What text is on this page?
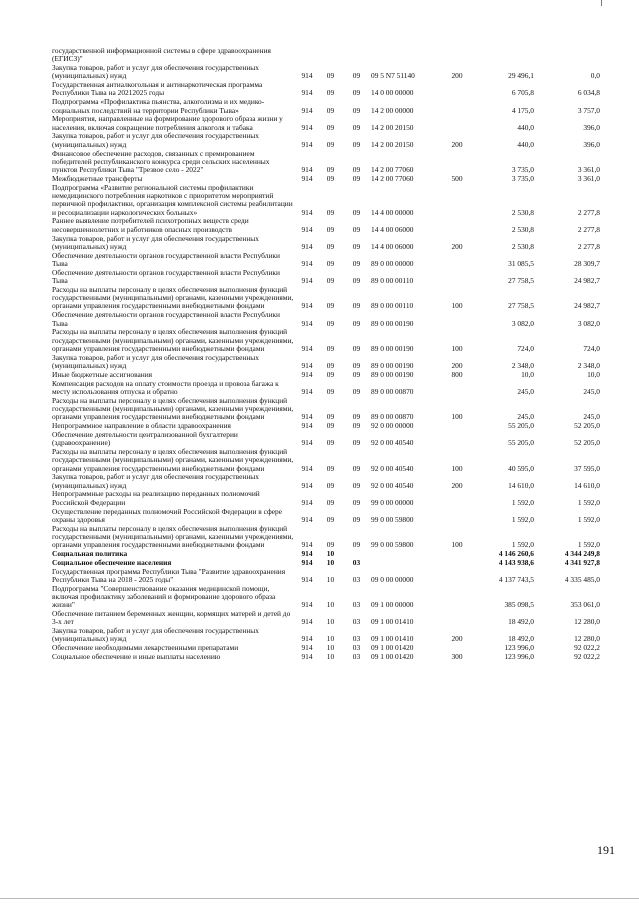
государственной информационной системы в сфере здравоохранения (ЕГИСЗ)"							
Закупка товаров, работ и услуг для обеспечения государственных (муниципальных) нужд	914	09	09	09 5 N7 51140	200	29 496,1	0,0
Государственная антиалкогольная и антинаркотическая программа Республики Тыва на 20212025 годы	914	09	09	14 0 00 00000		6 705,8	6 034,8
Подпрограмма «Профилактика пьянства, алкоголизма и их медико-социальных последствий на территории Республики Тыва»	914	09	09	14 2 00 00000		4 175,0	3 757,0
Мероприятия, направленные на формирование здорового образа жизни у населения, включая сокращение потребления алкоголя и табака	914	09	09	14 2 00 20150		440,0	396,0
Закупка товаров, работ и услуг для обеспечения государственных (муниципальных) нужд	914	09	09	14 2 00 20150	200	440,0	396,0
Финансовое обеспечение расходов, связанных с премированием победителей республиканского конкурса среди сельских населенных пунктов Республики Тыва "Трезвое село - 2022"	914	09	09	14 2 00 77060		3 735,0	3 361,0
Межбюджетные трансферты	914	09	09	14 2 00 77060	500	3 735,0	3 361,0
Подпрограмма «Развитие региональной системы профилактики немедицинского потребления наркотиков с приоритетом мероприятий первичной профилактики, организация комплексной системы реабилитации и ресоциализации наркологических больных»	914	09	09	14 4 00 00000		2 530,8	2 277,8
Раннее выявление потребителей психотропных веществ среди несовершеннолетних и работников опасных производств	914	09	09	14 4 00 06000		2 530,8	2 277,8
Закупка товаров, работ и услуг для обеспечения государственных (муниципальных) нужд	914	09	09	14 4 00 06000	200	2 530,8	2 277,8
Обеспечение деятельности органов государственной власти Республики Тыва	914	09	09	89 0 00 00000		31 085,5	28 309,7
Обеспечение деятельности органов государственной власти Республики Тыва	914	09	09	89 0 00 00110		27 758,5	24 982,7
Расходы на выплаты персоналу в целях обеспечения выполнения функций государственными (муниципальными) органами, казенными учреждениями, органами управления государственными внебюджетными фондами	914	09	09	89 0 00 00110	100	27 758,5	24 982,7
Обеспечение деятельности органов государственной власти Республики Тыва	914	09	09	89 0 00 00190		3 082,0	3 082,0
Расходы на выплаты персоналу в целях обеспечения выполнения функций государственными (муниципальными) органами, казенными учреждениями, органами управления государственными внебюджетными фондами	914	09	09	89 0 00 00190	100	724,0	724,0
Закупка товаров, работ и услуг для обеспечения государственных (муниципальных) нужд	914	09	09	89 0 00 00190	200	2 348,0	2 348,0
Иные бюджетные ассигнования	914	09	09	89 0 00 00190	800	10,0	10,0
Компенсация расходов на оплату стоимости проезда и провоза багажа к месту использования отпуска и обратно	914	09	09	89 0 00 00870		245,0	245,0
Расходы на выплаты персоналу в целях обеспечения выполнения функций государственными (муниципальными) органами, казенными учреждениями, органами управления государственными внебюджетными фондами	914	09	09	89 0 00 00870	100	245,0	245,0
Непрограммное направление в области здравоохранения	914	09	09	92 0 00 00000		55 205,0	52 205,0
Обеспечение деятельности централизованной бухгалтерии (здравоохранение)	914	09	09	92 0 00 40540		55 205,0	52 205,0
Расходы на выплаты персоналу в целях обеспечения выполнения функций государственными (муниципальными) органами, казенными учреждениями, органами управления государственными внебюджетными фондами	914	09	09	92 0 00 40540	100	40 595,0	37 595,0
Закупка товаров, работ и услуг для обеспечения государственных (муниципальных) нужд	914	09	09	92 0 00 40540	200	14 610,0	14 610,0
Непрограммные расходы на реализацию переданных полномочий Российской Федерации	914	09	09	99 0 00 00000		1 592,0	1 592,0
Осуществление переданных полномочий Российской Федерации в сфере охраны здоровья	914	09	09	99 0 00 59800		1 592,0	1 592,0
Расходы на выплаты персоналу в целях обеспечения выполнения функций государственными (муниципальными) органами, казенными учреждениями, органами управления государственными внебюджетными фондами	914	09	09	99 0 00 59800	100	1 592,0	1 592,0
Социальная политика	914	10				4 146 260,6	4 344 249,8
Социальное обеспечение населения	914	10	03			4 143 938,6	4 341 927,8
Государственная программа Республики Тыва "Развитие здравоохранения Республики Тыва на 2018 - 2025 годы"	914	10	03	09 0 00 00000		4 137 743,5	4 335 485,0
Подпрограмма "Совершенствование оказания медицинской помощи, включая профилактику заболеваний и формирование здорового образа жизни"	914	10	03	09 1 00 00000		385 098,5	353 061,0
Обеспечение питанием беременных женщин, кормящих матерей и детей до 3-х лет	914	10	03	09 1 00 01410		18 492,0	12 280,0
Закупка товаров, работ и услуг для обеспечения государственных (муниципальных) нужд	914	10	03	09 1 00 01410	200	18 492,0	12 280,0
Обеспечение необходимыми лекарственными препаратами	914	10	03	09 1 00 01420		123 996,0	92 022,2
Социальное обеспечение и иные выплаты населению	914	10	03	09 1 00 01420	300	123 996,0	92 022,2
191
